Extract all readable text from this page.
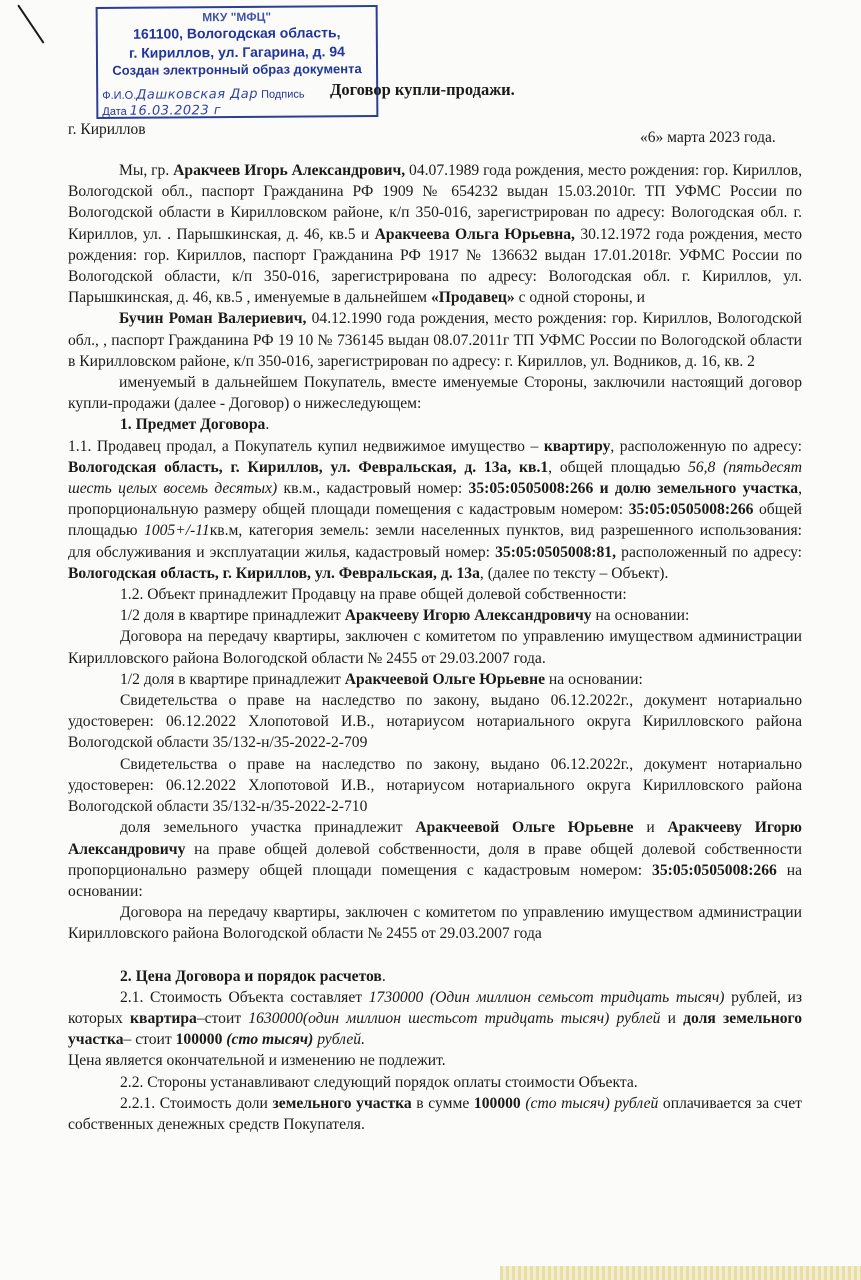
МКУ "МФЦ"
161100, Вологодская область,
г. Кириллов, ул. Гагарина, д. 94
Создан электронный образ документа
Ф.И.О.Дашковская Дар Подпись
Дата 16.03.2023 г
Договор купли-продажи.
г. Кириллов	«6» марта 2023 года.

Мы, гр. Аракчеев Игорь Александрович, 04.07.1989 года рождения, место рождения: гор. Кириллов, Вологодской обл., паспорт Гражданина РФ 1909 № 654232 выдан 15.03.2010г. ТП УФМС России по Вологодской области в Кирилловском районе, к/п 350-016, зарегистрирован по адресу: Вологодская обл. г. Кириллов, ул. . Парышкинская, д. 46, кв.5 и Аракчеева Ольга Юрьевна, 30.12.1972 года рождения, место рождения: гор. Кириллов, паспорт Гражданина РФ 1917 № 136632 выдан 17.01.2018г. УФМС России по Вологодской области, к/п 350-016, зарегистрирована по адресу: Вологодская обл. г. Кириллов, ул. Парышкинская, д. 46, кв.5 , именуемые в дальнейшем «Продавец» с одной стороны, и

Бучин Роман Валериевич, 04.12.1990 года рождения, место рождения: гор. Кириллов, Вологодской обл., , паспорт Гражданина РФ 19 10 № 736145 выдан 08.07.2011г ТП УФМС России по Вологодской области в Кирилловском районе, к/п 350-016, зарегистрирован по адресу: г. Кириллов, ул. Водников, д. 16, кв. 2

именуемый в дальнейшем Покупатель, вместе именуемые Стороны, заключили настоящий договор купли-продажи (далее - Договор) о нижеследующем:

1. Предмет Договора.

1.1. Продавец продал, а Покупатель купил недвижимое имущество – квартиру, расположенную по адресу: Вологодская область, г. Кириллов, ул. Февральская, д. 13а, кв.1, общей площадью 56,8 (пятьдесят шесть целых восемь десятых) кв.м., кадастровый номер: 35:05:0505008:266 и долю земельного участка, пропорциональную размеру общей площади помещения с кадастровым номером: 35:05:0505008:266 общей площадью 1005+/-11кв.м, категория земель: земли населенных пунктов, вид разрешенного использования: для обслуживания и эксплуатации жилья, кадастровый номер: 35:05:0505008:81, расположенный по адресу: Вологодская область, г. Кириллов, ул. Февральская, д. 13а, (далее по тексту – Объект).

1.2. Объект принадлежит Продавцу на праве общей долевой собственности:

1/2 доля в квартире принадлежит Аракчееву Игорю Александровичу на основании:

Договора на передачу квартиры, заключен с комитетом по управлению имуществом администрации Кирилловского района Вологодской области № 2455 от 29.03.2007 года.

1/2 доля в квартире принадлежит Аракчеевой Ольге Юрьевне на основании:

Свидетельства о праве на наследство по закону, выдано 06.12.2022г., документ нотариально удостоверен: 06.12.2022 Хлопотовой И.В., нотариусом нотариального округа Кирилловского района Вологодской области 35/132-н/35-2022-2-709

Свидетельства о праве на наследство по закону, выдано 06.12.2022г., документ нотариально удостоверен: 06.12.2022 Хлопотовой И.В., нотариусом нотариального округа Кирилловского района Вологодской области 35/132-н/35-2022-2-710

доля земельного участка принадлежит Аракчеевой Ольге Юрьевне и Аракчееву Игорю Александровичу на праве общей долевой собственности, доля в праве общей долевой собственности пропорционально размеру общей площади помещения с кадастровым номером: 35:05:0505008:266 на основании:

Договора на передачу квартиры, заключен с комитетом по управлению имуществом администрации Кирилловского района Вологодской области № 2455 от 29.03.2007 года

2. Цена Договора и порядок расчетов.

2.1. Стоимость Объекта составляет 1730000 (Один миллион семьсот тридцать тысяч) рублей, из которых квартира–стоит 1630000(один миллион шестьсот тридцать тысяч) рублей и доля земельного участка– стоит 100000 (сто тысяч) рублей.

Цена является окончательной и изменению не подлежит.

2.2. Стороны устанавливают следующий порядок оплаты стоимости Объекта.

2.2.1. Стоимость доли земельного участка в сумме 100000 (сто тысяч) рублей оплачивается за счет собственных денежных средств Покупателя.
